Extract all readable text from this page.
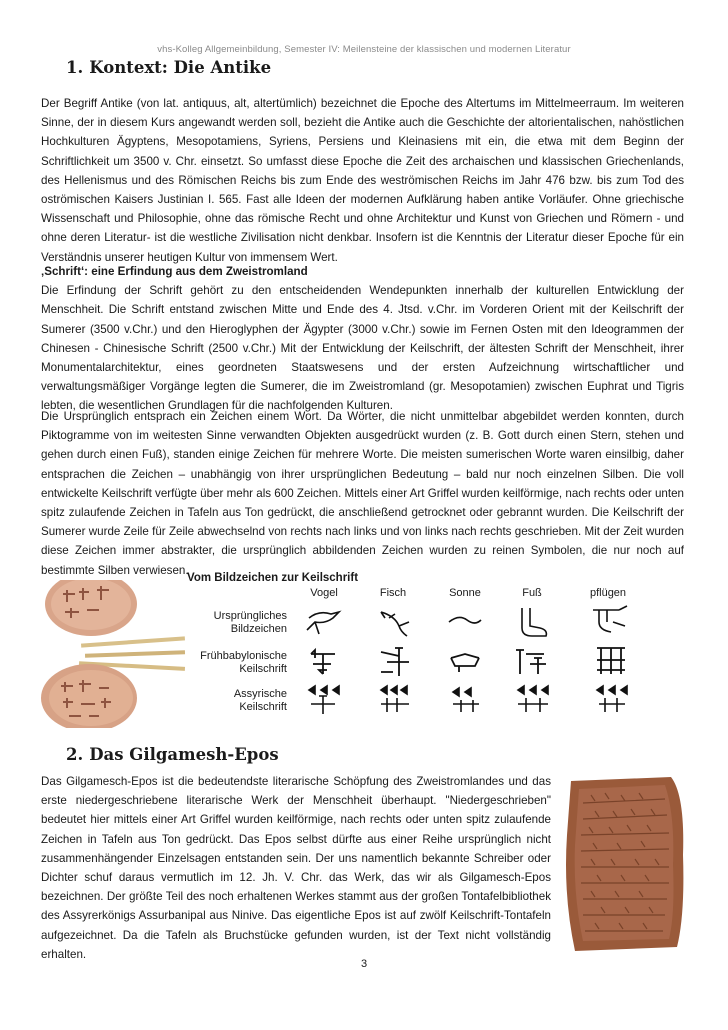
vhs-Kolleg Allgemeinbildung, Semester IV: Meilensteine der klassischen und modernen Literatur
1. Kontext: Die Antike

Der Begriff Antike (von lat. antiquus, alt, altertümlich) bezeichnet die Epoche des Altertums im Mittelmeerraum. Im weiteren Sinne, der in diesem Kurs angewandt werden soll, bezieht die Antike auch die Geschichte der altorientalischen, nahöstlichen Hochkulturen Ägyptens, Mesopotamiens, Syriens, Persiens und Kleinasiens mit ein, die etwa mit dem Beginn der Schriftlichkeit um 3500 v. Chr. einsetzt. So umfasst diese Epoche die Zeit des archaischen und klassischen Griechenlands, des Hellenismus und des Römischen Reichs bis zum Ende des weströmischen Reichs im Jahr 476 bzw. bis zum Tod des oströmischen Kaisers Justinian I. 565. Fast alle Ideen der modernen Aufklärung haben antike Vorläufer. Ohne griechische Wissenschaft und Philosophie, ohne das römische Recht und ohne Architektur und Kunst von Griechen und Römern - und ohne deren Literatur- ist die westliche Zivilisation nicht denkbar. Insofern ist die Kenntnis der Literatur dieser Epoche für ein Verständnis unserer heutigen Kultur von immensem Wert.

‚Schrift‘: eine Erfindung aus dem Zweistromland
Die Erfindung der Schrift gehört zu den entscheidenden Wendepunkten innerhalb der kulturellen Entwicklung der Menschheit. Die Schrift entstand zwischen Mitte und Ende des 4. Jtsd. v.Chr. im Vorderen Orient mit der Keilschrift der Sumerer (3500 v.Chr.) und den Hieroglyphen der Ägypter (3000 v.Chr.) sowie im Fernen Osten mit den Ideogrammen der Chinesen - Chinesische Schrift (2500 v.Chr.) Mit der Entwicklung der Keilschrift, der ältesten Schrift der Menschheit, ihrer Monumentalarchitektur, eines geordneten Staatswesens und der ersten Aufzeichnung wirtschaftlicher und verwaltungsmäßiger Vorgänge legten die Sumerer, die im Zweistromland (gr. Mesopotamien) zwischen Euphrat und Tigris lebten, die wesentlichen Grundlagen für die nachfolgenden Kulturen.

Die Ursprünglich entsprach ein Zeichen einem Wort. Da Wörter, die nicht unmittelbar abgebildet werden konnten, durch Piktogramme von im weitesten Sinne verwandten Objekten ausgedrückt wurden (z. B. Gott durch einen Stern, stehen und gehen durch einen Fuß), standen einige Zeichen für mehrere Worte. Die meisten sumerischen Worte waren einsilbig, daher entsprachen die Zeichen – unabhängig von ihrer ursprünglichen Bedeutung – bald nur noch einzelnen Silben. Die voll entwickelte Keilschrift verfügte über mehr als 600 Zeichen. Mittels einer Art Griffel wurden keilförmige, nach rechts oder unten spitz zulaufende Zeichen in Tafeln aus Ton gedrückt, die anschließend getrocknet oder gebrannt wurden. Die Keilschrift der Sumerer wurde Zeile für Zeile abwechselnd von rechts nach links und von links nach rechts geschrieben. Mit der Zeit wurden diese Zeichen immer abstrakter, die ursprünglich abbildenden Zeichen wurden zu reinen Symbolen, die nur noch auf bestimmte Silben verwiesen.

Vom Bildzeichen zur Keilschrift
Vogel	Fisch	Sonne	Fuß	pflügen
Ursprüngliches
Bildzeichen
Frühbabylonische
Keilschrift
Assyrische
Keilschrift
2. Das Gilgamesh-Epos

Das Gilgamesch-Epos ist die bedeutendste literarische Schöpfung des Zweistromlandes und das erste niedergeschriebene literarische Werk der Menschheit überhaupt. "Niedergeschrieben" bedeutet hier mittels einer Art Griffel wurden keilförmige, nach rechts oder unten spitz zulaufende Zeichen in Tafeln aus Ton gedrückt. Das Epos selbst dürfte aus einer Reihe ursprünglich nicht zusammenhängender Einzelsagen entstanden sein. Der uns namentlich bekannte Schreiber oder Dichter schuf daraus vermutlich im 12. Jh. V. Chr. das Werk, das wir als Gilgamesch-Epos bezeichnen. Der größte Teil des noch erhaltenen Werkes stammt aus der großen Tontafelbibliothek des Assyrerkönigs Assurbanipal aus Ninive. Das eigentliche Epos ist auf zwölf Keilschrift-Tontafeln aufgezeichnet. Da die Tafeln als Bruchstücke gefunden wurden, ist der Text nicht vollständig erhalten.

3
